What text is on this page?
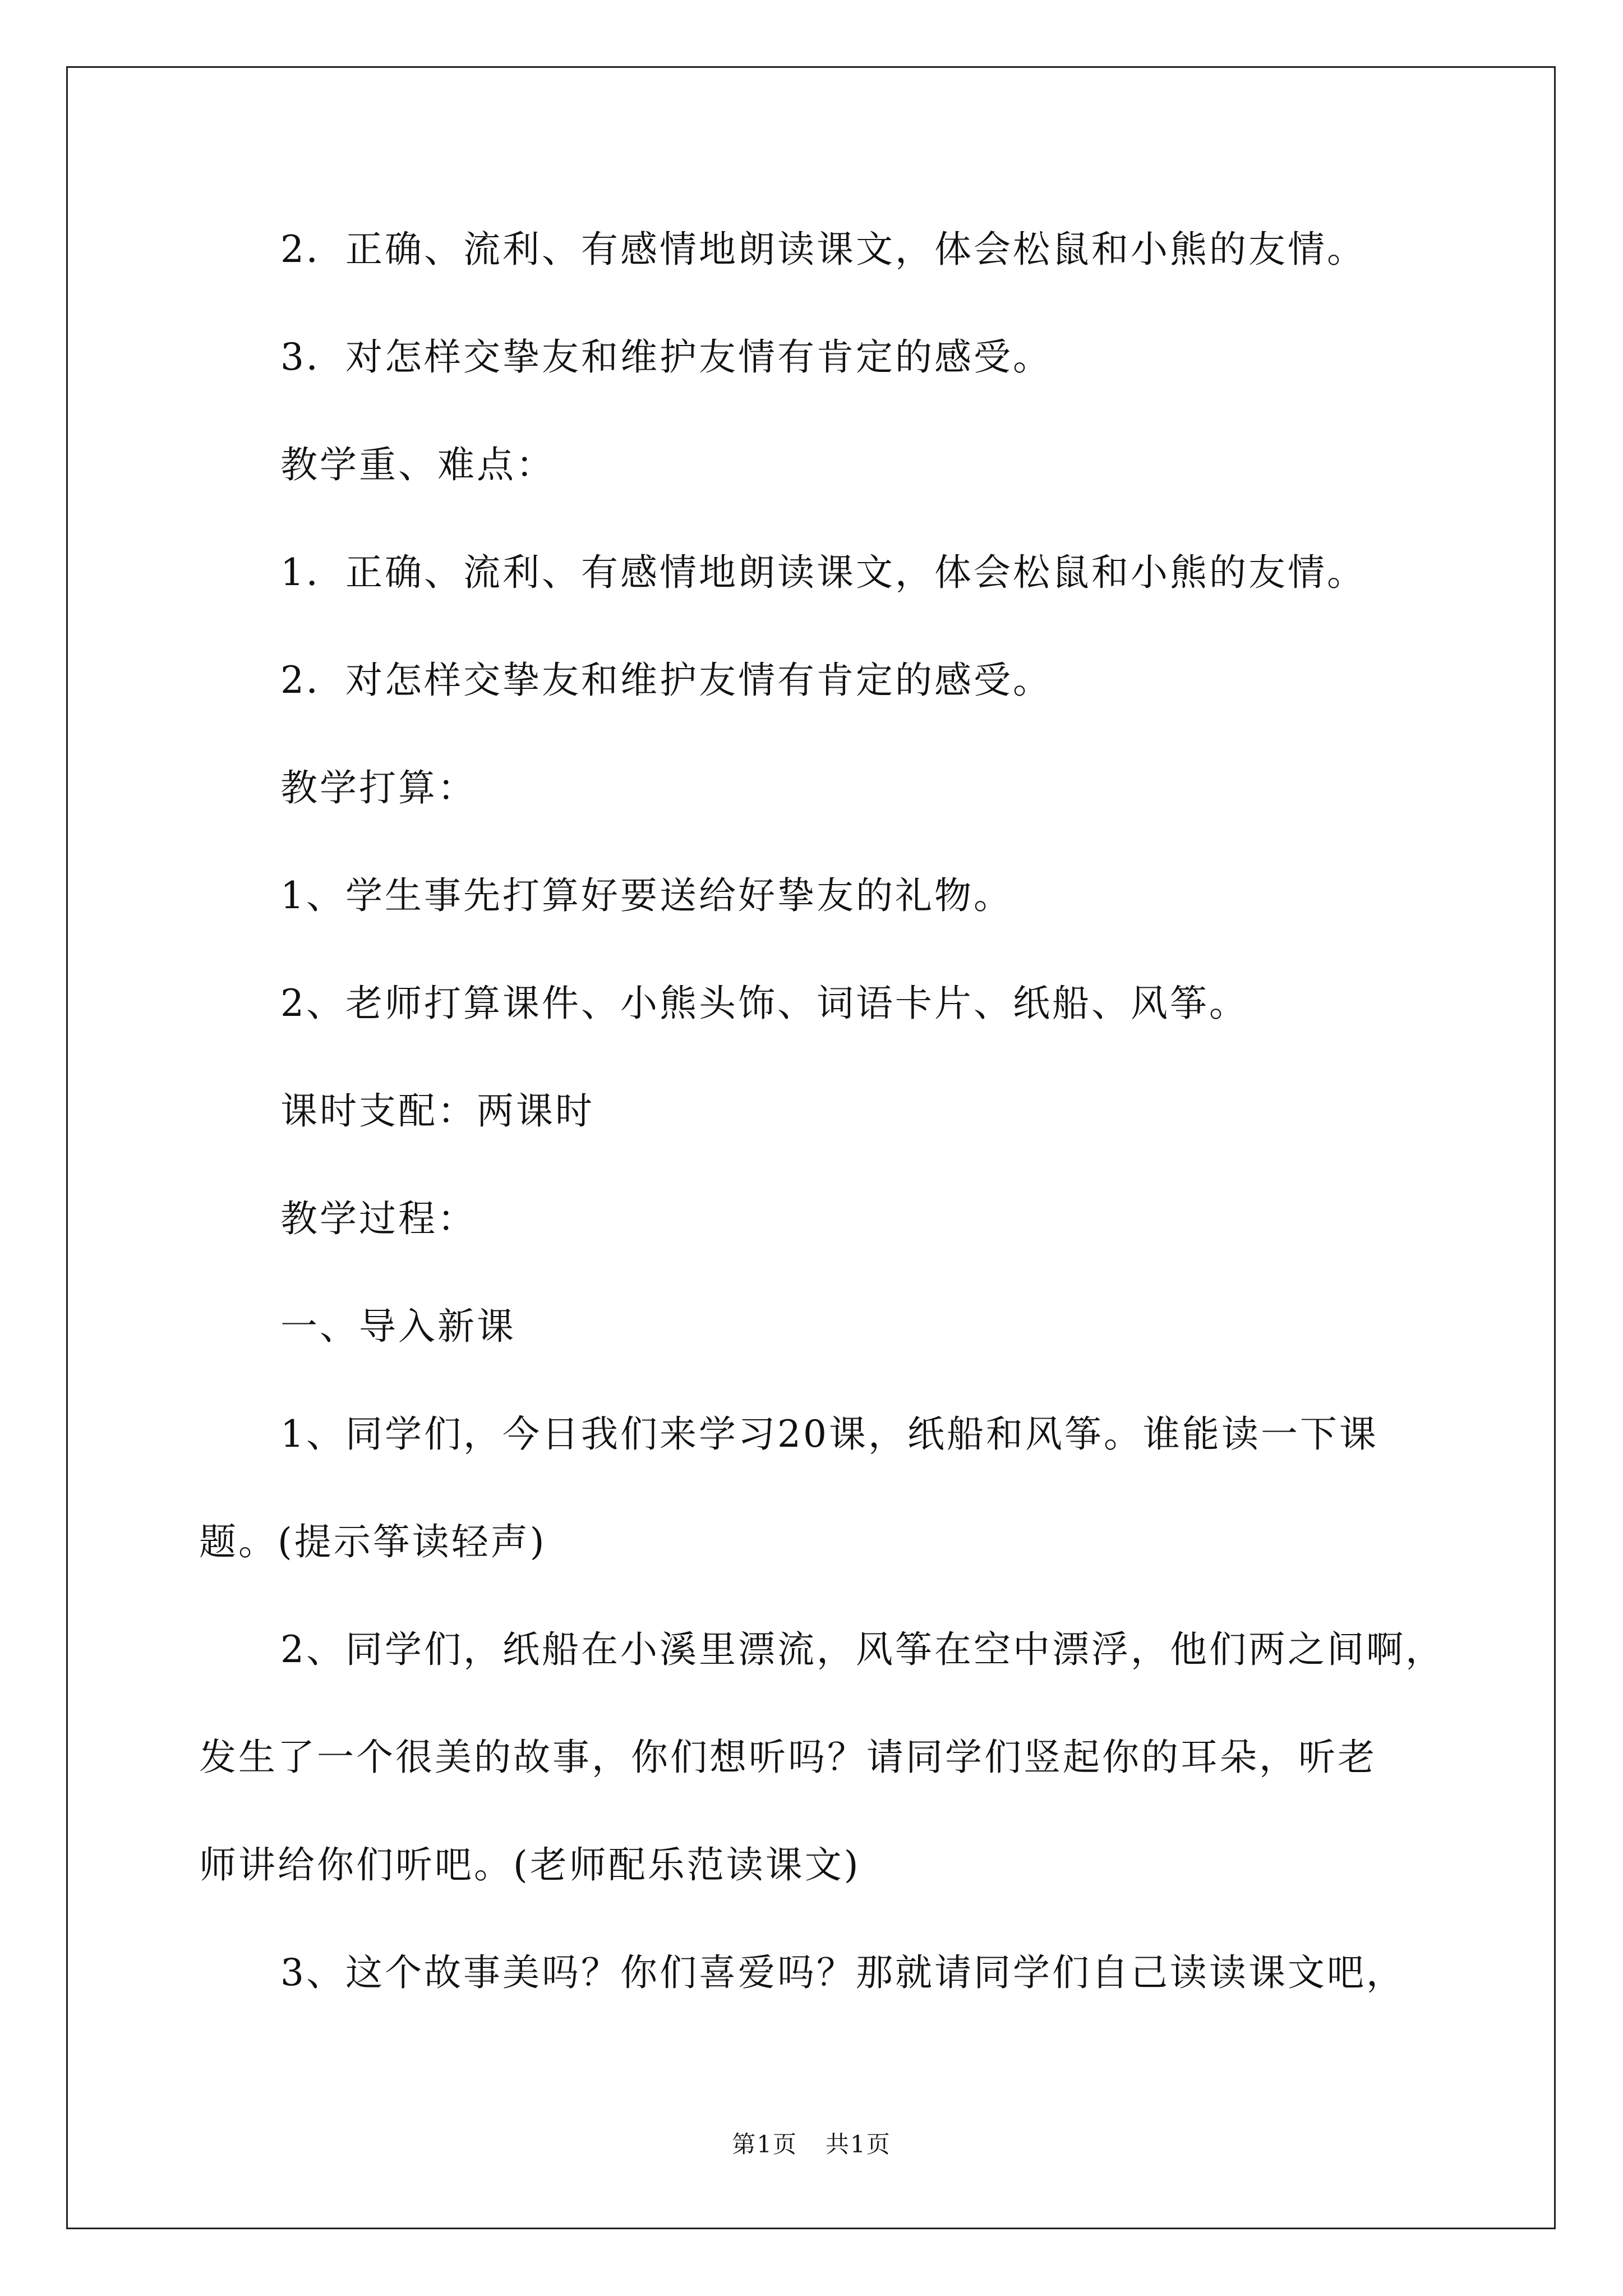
2．正确、流利、有感情地朗读课文，体会松鼠和小熊的友情。
3．对怎样交挚友和维护友情有肯定的感受。
教学重、难点：
1．正确、流利、有感情地朗读课文，体会松鼠和小熊的友情。
2．对怎样交挚友和维护友情有肯定的感受。
教学打算：
1、学生事先打算好要送给好挚友的礼物。
2、老师打算课件、小熊头饰、词语卡片、纸船、风筝。
课时支配：两课时
教学过程：
一、导入新课
1、同学们，今日我们来学习20课，纸船和风筝。谁能读一下课
题。(提示筝读轻声)
2、同学们，纸船在小溪里漂流，风筝在空中漂浮，他们两之间啊，
发生了一个很美的故事，你们想听吗？请同学们竖起你的耳朵，听老
师讲给你们听吧。(老师配乐范读课文)
3、这个故事美吗？你们喜爱吗？那就请同学们自己读读课文吧，
第1页 共1页
